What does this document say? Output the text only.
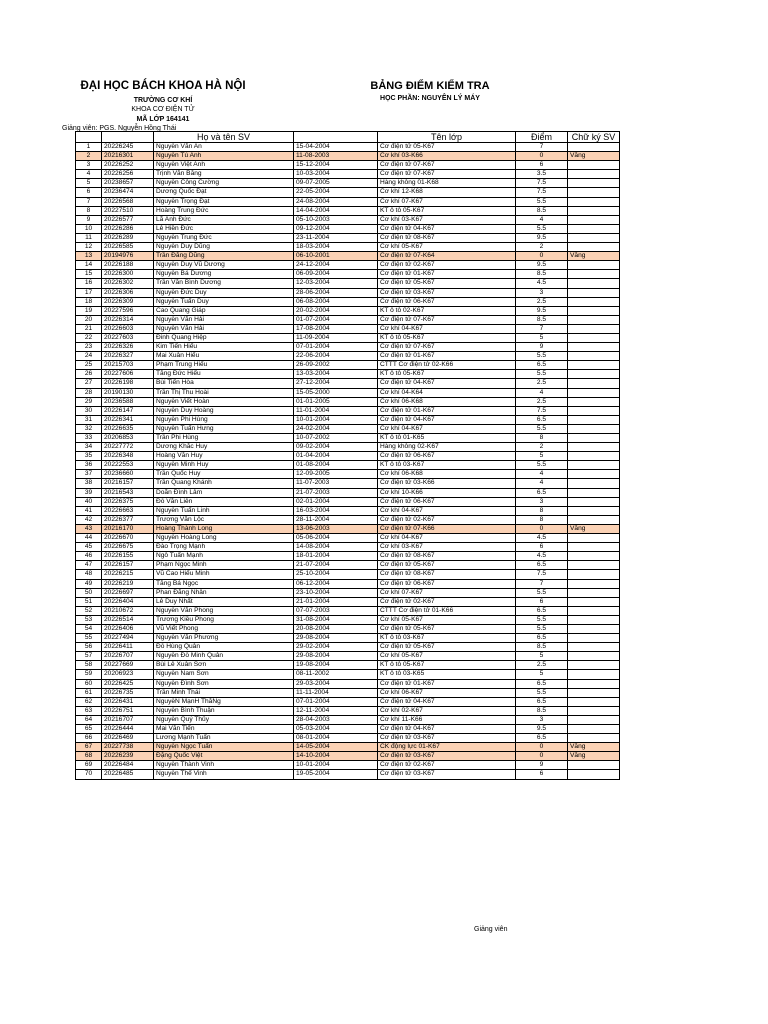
ĐẠI HỌC BÁCH KHOA HÀ NỘI
TRƯỜNG CƠ KHÍ
KHOA CƠ ĐIỆN TỬ
MÃ LỚP 164141
Giảng viên: PGS. Nguyễn Hồng Thái
BẢNG ĐIỂM KIỂM TRA
HỌC PHẦN: NGUYÊN LÝ MÁY
		Họ và tên SV		Tên lớp	Điểm	Chữ ký SV
1	20226245	Nguyễn Văn An	15-04-2004	Cơ điện tử 05-K67	7	
2	20216301	Nguyễn Tú Anh	11-08-2003	Cơ khí 03-K66	0	Vắng
3	20226252	Nguyễn Việt Anh	15-12-2004	Cơ điện tử 07-K67	6	
4	20226256	Trịnh Văn Bằng	10-03-2004	Cơ điện tử 07-K67	3.5	
5	20238657	Nguyễn Công Cường	09-07-2005	Hàng không 01-K68	7.5	
6	20236474	Dương Quốc Đạt	22-05-2004	Cơ khí 12-K68	7.5	
7	20226568	Nguyễn Trọng Đạt	24-08-2004	Cơ khí 07-K67	5.5	
8	20227510	Hoàng Trung Đức	14-04-2004	KT ô tô 05-K67	8.5	
9	20226577	Lã Anh Đức	05-10-2003	Cơ khí 03-K67	4	
10	20226286	Lê Hiền Đức	09-12-2004	Cơ điện tử 04-K67	5.5	
11	20226289	Nguyễn Trung Đức	23-11-2004	Cơ điện tử 08-K67	9.5	
12	20226585	Nguyễn Duy Dũng	18-03-2004	Cơ khí 05-K67	2	
13	20194976	Trần Đăng Dũng	06-10-2001	Cơ điện tử 07-K64	0	Vắng
14	20226188	Nguyễn Duy Vũ Dương	24-12-2004	Cơ điện tử 02-K67	9.5	
15	20226300	Nguyễn Bá Dương	06-09-2004	Cơ điện tử 01-K67	8.5	
16	20226302	Trần Văn Bình Dương	12-03-2004	Cơ điện tử 05-K67	4.5	
17	20226306	Nguyễn Đức Duy	28-06-2004	Cơ điện tử 03-K67	3	
18	20226309	Nguyễn Tuấn Duy	06-08-2004	Cơ điện tử 06-K67	2.5	
19	20227596	Cao Quang Giáp	20-02-2004	KT ô tô 02-K67	9.5	
20	20226314	Nguyễn Văn Hải	01-07-2004	Cơ điện tử 07-K67	8.5	
21	20226603	Nguyễn Văn Hải	17-08-2004	Cơ khí 04-K67	7	
22	20227603	Đinh Quang Hiệp	11-09-2004	KT ô tô 05-K67	5	
23	20226326	Kim Tiến Hiếu	07-01-2004	Cơ điện tử 07-K67	9	
24	20226327	Mai Xuân Hiếu	22-06-2004	Cơ điện tử 01-K67	5.5	
25	20215703	Phạm Trung Hiếu	26-09-2002	CTTT Cơ điện tử 02-K66	6.5	
26	20227606	Tăng Đức Hiếu	13-03-2004	KT ô tô 05-K67	5.5	
27	20226198	Bùi Tiến Hòa	27-12-2004	Cơ điện tử 04-K67	2.5	
28	20190130	Trần Thị Thu Hoài	15-05-2000	Cơ khí 04-K64	4	
29	20236588	Nguyễn Viết Hoàn	01-01-2005	Cơ khí 06-K68	2.5	
30	20226147	Nguyễn Duy Hoàng	11-01-2004	Cơ điện tử 01-K67	7.5	
31	20226341	Nguyễn Phi Hùng	10-01-2004	Cơ điện tử 04-K67	6.5	
32	20226635	Nguyễn Tuấn Hưng	24-02-2004	Cơ khí 04-K67	5.5	
33	20206853	Trần Phi Hùng	10-07-2002	KT ô tô 01-K65	8	
34	20227772	Dương Khắc Huy	09-02-2004	Hàng không 02-K67	2	
35	20226348	Hoàng Văn Huy	01-04-2004	Cơ điện tử 06-K67	5	
36	20222553	Nguyễn Minh Huy	01-08-2004	KT ô tô 03-K67	5.5	
37	20236660	Trần Quốc Huy	12-09-2005	Cơ khí 06-K68	4	
38	20216157	Trần Quang Khánh	11-07-2003	Cơ điện tử 03-K66	4	
39	20216543	Doãn Đình Lâm	21-07-2003	Cơ khí 10-K66	6.5	
40	20226375	Đỗ Văn Liên	02-01-2004	Cơ điện tử 06-K67	3	
41	20226663	Nguyễn Tuấn Linh	16-03-2004	Cơ khí 04-K67	8	
42	20226377	Trương Văn Lộc	28-11-2004	Cơ điện tử 02-K67	8	
43	20216170	Hoàng Thành Long	13-06-2003	Cơ điện tử 07-K66	0	Vắng
44	20226670	Nguyễn Hoàng Long	05-06-2004	Cơ khí 04-K67	4.5	
45	20226675	Đào Trọng Mạnh	14-08-2004	Cơ khí 03-K67	6	
46	20226155	Ngô Tuấn Mạnh	18-01-2004	Cơ điện tử 08-K67	4.5	
47	20226157	Phạm Ngọc Minh	21-07-2004	Cơ điện tử 05-K67	6.5	
48	20226215	Vũ Cao Hiếu Minh	25-10-2004	Cơ điện tử 08-K67	7.5	
49	20226219	Tăng Bá Ngọc	06-12-2004	Cơ điện tử 06-K67	7	
50	20226697	Phan Đăng Nhân	23-10-2004	Cơ khí 07-K67	5.5	
51	20226404	Lê Duy Nhất	21-01-2004	Cơ điện tử 02-K67	6	
52	20210672	Nguyễn Văn Phong	07-07-2003	CTTT Cơ điện tử 01-K66	6.5	
53	20226514	Trương Kiều Phong	31-08-2004	Cơ khí 05-K67	5.5	
54	20226406	Vũ Viết Phong	20-08-2004	Cơ điện tử 05-K67	5.5	
55	20227494	Nguyễn Văn Phương	29-08-2004	KT ô tô 03-K67	6.5	
56	20226411	Đỗ Hùng Quân	29-02-2004	Cơ điện tử 05-K67	8.5	
57	20226707	Nguyễn Đỗ Minh Quân	29-08-2004	Cơ khí 05-K67	5	
58	20227669	Bùi Lê Xuân Sơn	19-08-2004	KT ô tô 05-K67	2.5	
59	20206923	Nguyễn Nam Sơn	08-11-2002	KT ô tô 03-K65	5	
60	20226425	Nguyễn Đình Sơn	29-03-2004	Cơ điện tử 01-K67	6.5	
61	20226735	Trần Minh Thái	11-11-2004	Cơ khí 06-K67	5.5	
62	20226431	NguyễN MạnH ThắNg	07-01-2004	Cơ điện tử 04-K67	6.5	
63	20226751	Nguyễn Bình Thuận	12-11-2004	Cơ khí 02-K67	8.5	
64	20216707	Nguyễn Quý Thủy	28-04-2003	Cơ khí 11-K66	3	
65	20226444	Mai Văn Tiến	05-03-2004	Cơ điện tử 04-K67	9.5	
66	20226469	Lương Mạnh Tuấn	08-01-2004	Cơ điện tử 03-K67	6.5	
67	20227738	Nguyễn Ngọc Tuấn	14-05-2004	CK động lực 01-K67	0	Vắng
68	20226239	Đặng Quốc Việt	14-10-2004	Cơ điện tử 03-K67	0	Vắng
69	20226484	Nguyễn Thành Vinh	10-01-2004	Cơ điện tử 02-K67	9	
70	20226485	Nguyễn Thế Vinh	19-05-2004	Cơ điện tử 03-K67	6	
Giảng viên
